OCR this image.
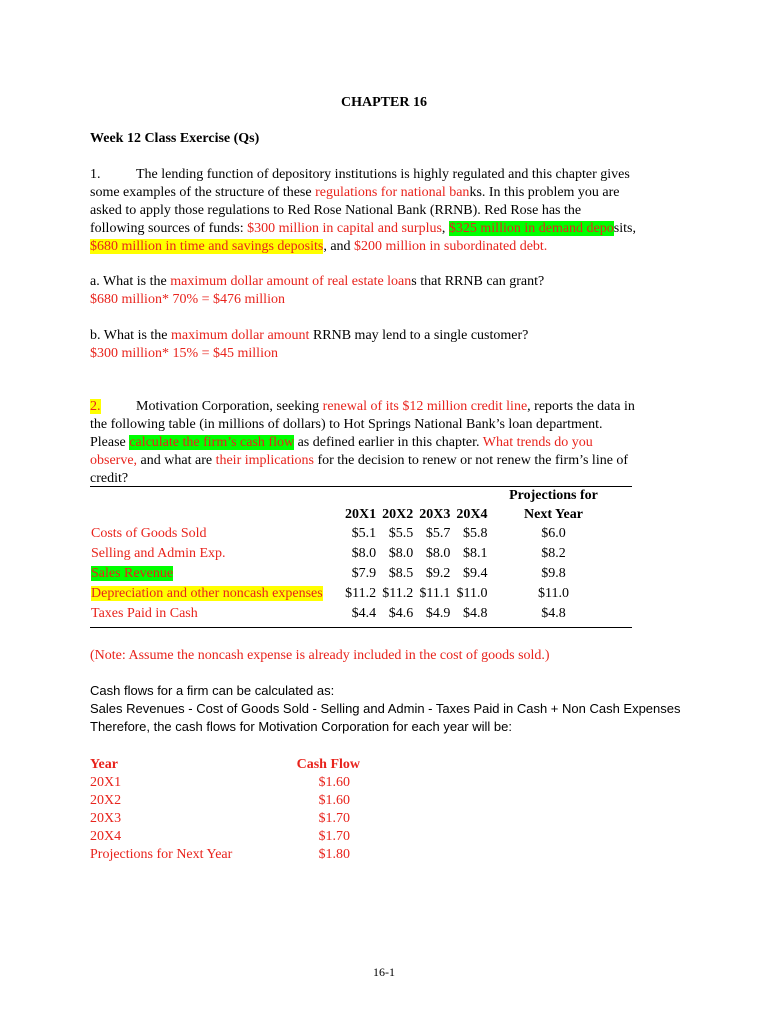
CHAPTER 16
Week 12 Class Exercise (Qs)
1.	The lending function of depository institutions is highly regulated and this chapter gives
some examples of the structure of these regulations for national banks. In this problem you are
asked to apply those regulations to Red Rose National Bank (RRNB). Red Rose has the
following sources of funds: $300 million in capital and surplus, $325 million in demand deposits,
$680 million in time and savings deposits, and $200 million in subordinated debt.
a. What is the maximum dollar amount of real estate loans that RRNB can grant?
$680 million* 70% = $476 million
b. What is the maximum dollar amount RRNB may lend to a single customer?
$300 million* 15% = $45 million
2.	Motivation Corporation, seeking renewal of its $12 million credit line, reports the data in
the following table (in millions of dollars) to Hot Springs National Bank’s loan department.
Please calculate the firm’s cash flow as defined earlier in this chapter. What trends do you
observe, and what are their implications for the decision to renew or not renew the firm’s line of
credit?
					Projections for
	20X1	20X2	20X3	20X4	Next Year
Costs of Goods Sold	$5.1	$5.5	$5.7	$5.8	$6.0
Selling and Admin Exp.	$8.0	$8.0	$8.0	$8.1	$8.2
Sales Revenue	$7.9	$8.5	$9.2	$9.4	$9.8
Depreciation and other noncash expenses	$11.2	$11.2	$11.1	$11.0	$11.0
Taxes Paid in Cash	$4.4	$4.6	$4.9	$4.8	$4.8
(Note: Assume the noncash expense is already included in the cost of goods sold.)
Cash flows for a firm can be calculated as:
Sales Revenues - Cost of Goods Sold - Selling and Admin - Taxes Paid in Cash + Non Cash Expenses
Therefore, the cash flows for Motivation Corporation for each year will be:
Year	Cash Flow
20X1	$1.60
20X2	$1.60
20X3	$1.70
20X4	$1.70
Projections for Next Year	$1.80
16-1
